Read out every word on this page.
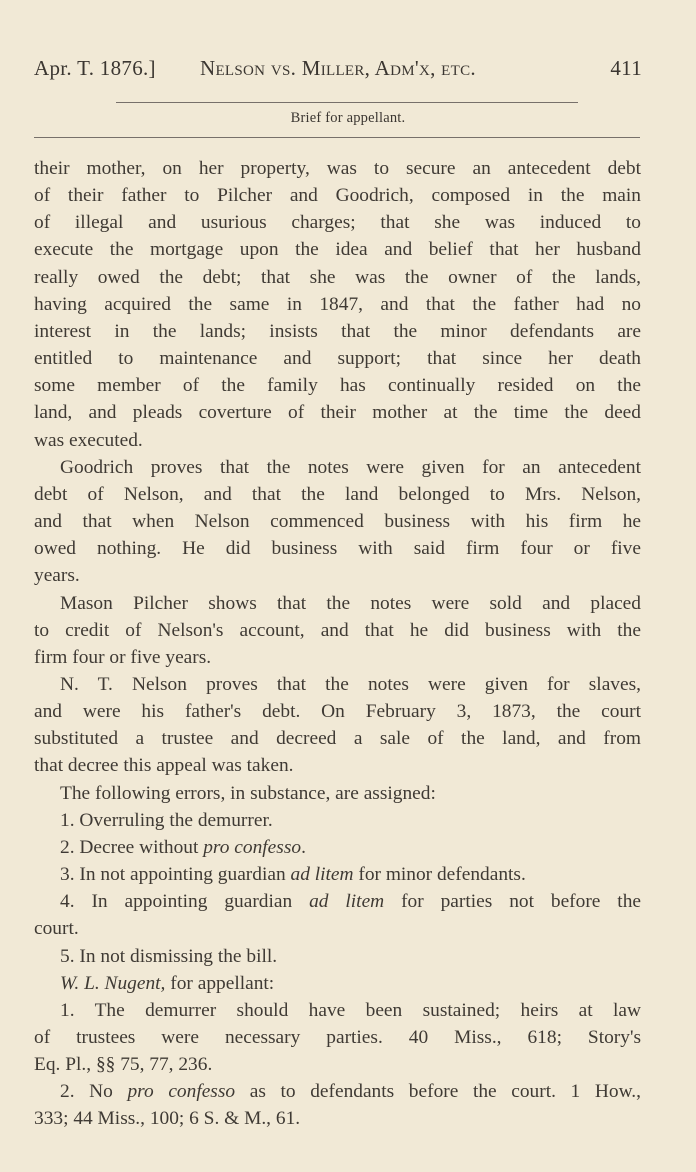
Apr. T. 1876.] Nelson vs. Miller, Adm'x, etc.	411
Brief for appellant.

their mother, on her property, was to secure an antecedent debt

of their father to Pilcher and Goodrich, composed in the main

of illegal and usurious charges; that she was induced to

execute the mortgage upon the idea and belief that her husband

really owed the debt; that she was the owner of the lands,

having acquired the same in 1847, and that the father had no

interest in the lands; insists that the minor defendants are

entitled to maintenance and support; that since her death

some member of the family has continually resided on the

land, and pleads coverture of their mother at the time the deed

was executed.

Goodrich proves that the notes were given for an antecedent

debt of Nelson, and that the land belonged to Mrs. Nelson,

and that when Nelson commenced business with his firm he

owed nothing. He did business with said firm four or five

years.

Mason Pilcher shows that the notes were sold and placed

to credit of Nelson's account, and that he did business with the

firm four or five years.

N. T. Nelson proves that the notes were given for slaves,

and were his father's debt. On February 3, 1873, the court

substituted a trustee and decreed a sale of the land, and from

that decree this appeal was taken.

The following errors, in substance, are assigned:

1. Overruling the demurrer.

2. Decree without pro confesso.

3. In not appointing guardian ad litem for minor defendants.

4. In appointing guardian ad litem for parties not before the

court.

5. In not dismissing the bill.

W. L. Nugent, for appellant:

1. The demurrer should have been sustained; heirs at law

of trustees were necessary parties. 40 Miss., 618; Story's

Eq. Pl., §§ 75, 77, 236.

2. No pro confesso as to defendants before the court. 1 How.,

333; 44 Miss., 100; 6 S. & M., 61.
